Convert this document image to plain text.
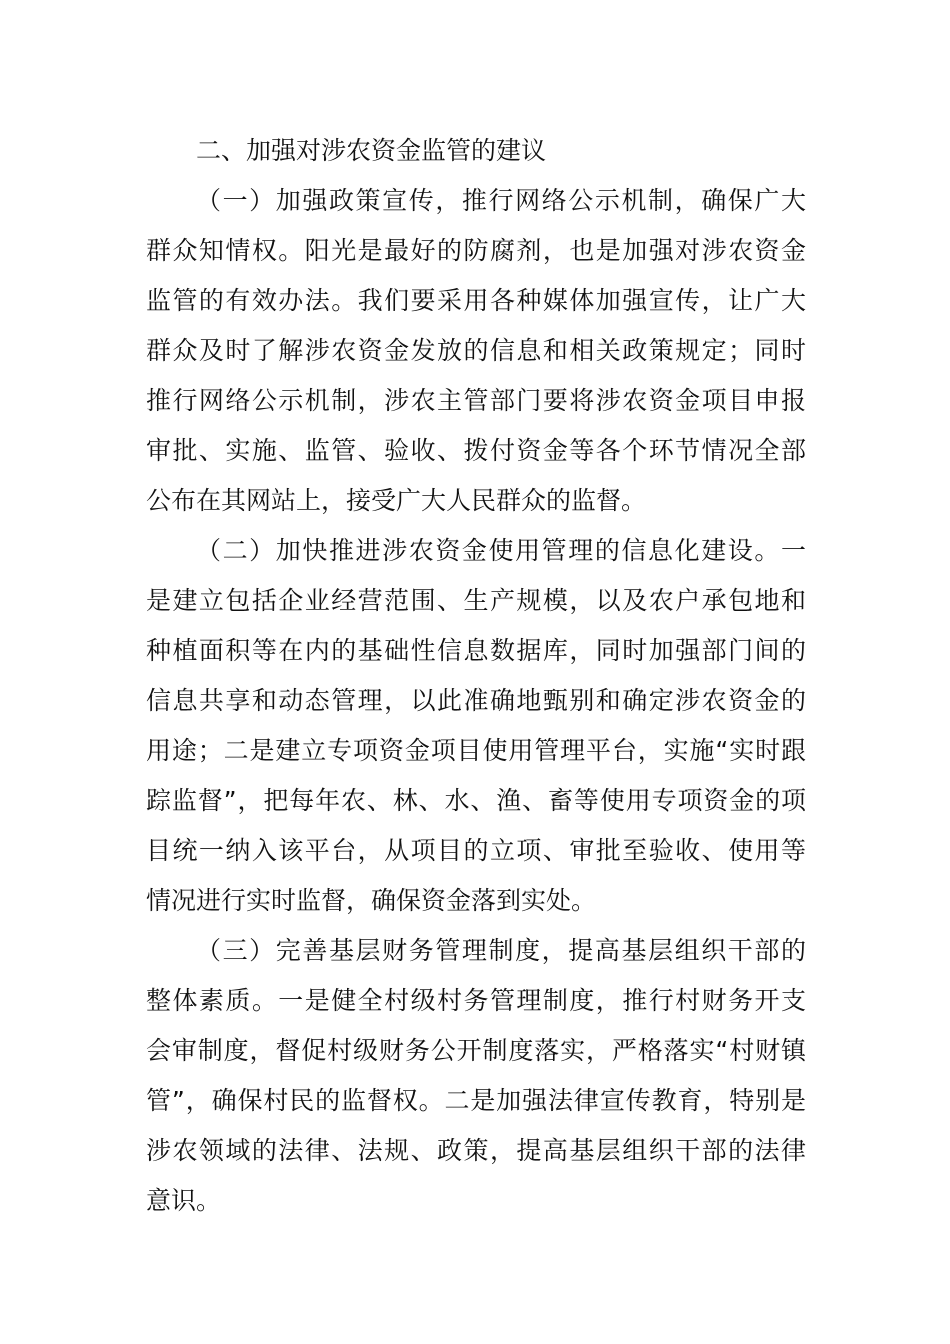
二、加强对涉农资金监管的建议
（一）加强政策宣传，推行网络公示机制，确保广大
群众知情权。阳光是最好的防腐剂，也是加强对涉农资金
监管的有效办法。我们要采用各种媒体加强宣传，让广大
群众及时了解涉农资金发放的信息和相关政策规定；同时
推行网络公示机制，涉农主管部门要将涉农资金项目申报
审批、实施、监管、验收、拨付资金等各个环节情况全部
公布在其网站上，接受广大人民群众的监督。
（二）加快推进涉农资金使用管理的信息化建设。一
是建立包括企业经营范围、生产规模，以及农户承包地和
种植面积等在内的基础性信息数据库，同时加强部门间的
信息共享和动态管理，以此准确地甄别和确定涉农资金的
用途；二是建立专项资金项目使用管理平台，实施“实时跟
踪监督”，把每年农、林、水、渔、畜等使用专项资金的项
目统一纳入该平台，从项目的立项、审批至验收、使用等
情况进行实时监督，确保资金落到实处。
（三）完善基层财务管理制度，提高基层组织干部的
整体素质。一是健全村级村务管理制度，推行村财务开支
会审制度，督促村级财务公开制度落实，严格落实“村财镇
管”，确保村民的监督权。二是加强法律宣传教育，特别是
涉农领域的法律、法规、政策，提高基层组织干部的法律
意识。
